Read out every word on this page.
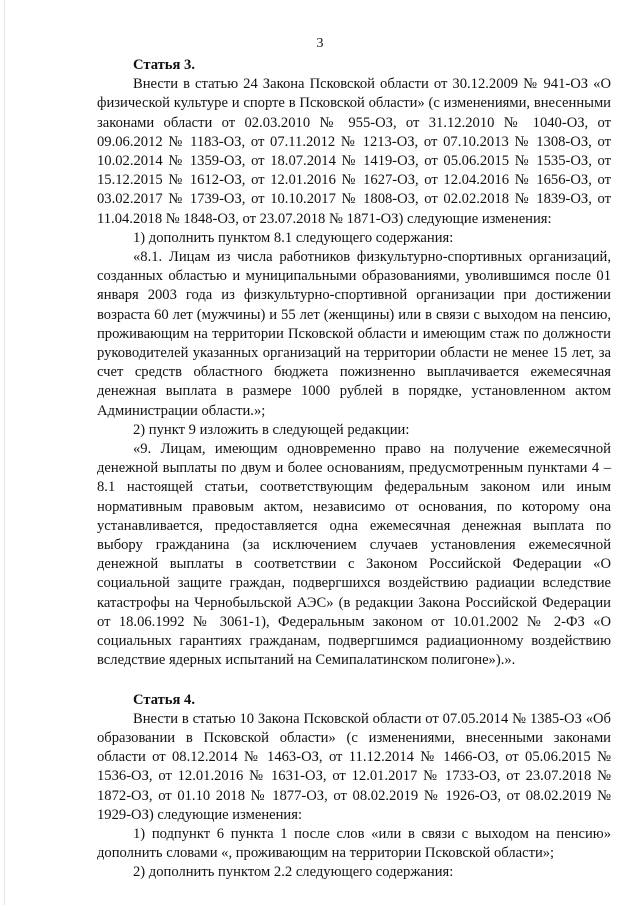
3

Статья 3.

Внести в статью 24 Закона Псковской области от 30.12.2009 № 941-ОЗ «О физической культуре и спорте в Псковской области» (с изменениями, внесенными законами области от 02.03.2010 № 955-ОЗ, от 31.12.2010 № 1040-ОЗ, от 09.06.2012 № 1183-ОЗ, от 07.11.2012 № 1213-ОЗ, от 07.10.2013 № 1308-ОЗ, от 10.02.2014 № 1359-ОЗ, от 18.07.2014 № 1419-ОЗ, от 05.06.2015 № 1535-ОЗ, от 15.12.2015 № 1612-ОЗ, от 12.01.2016 № 1627-ОЗ, от 12.04.2016 № 1656-ОЗ, от 03.02.2017 № 1739-ОЗ, от 10.10.2017 № 1808-ОЗ, от 02.02.2018 № 1839-ОЗ, от 11.04.2018 № 1848-ОЗ, от 23.07.2018 № 1871-ОЗ) следующие изменения:

1) дополнить пунктом 8.1 следующего содержания:

«8.1. Лицам из числа работников физкультурно-спортивных организаций, созданных областью и муниципальными образованиями, уволившимся после 01 января 2003 года из физкультурно-спортивной организации при достижении возраста 60 лет (мужчины) и 55 лет (женщины) или в связи с выходом на пенсию, проживающим на территории Псковской области и имеющим стаж по должности руководителей указанных организаций на территории области не менее 15 лет, за счет средств областного бюджета пожизненно выплачивается ежемесячная денежная выплата в размере 1000 рублей в порядке, установленном актом Администрации области.»;

2) пункт 9 изложить в следующей редакции:

«9. Лицам, имеющим одновременно право на получение ежемесячной денежной выплаты по двум и более основаниям, предусмотренным пунктами 4 – 8.1 настоящей статьи, соответствующим федеральным законом или иным нормативным правовым актом, независимо от основания, по которому она устанавливается, предоставляется одна ежемесячная денежная выплата по выбору гражданина (за исключением случаев установления ежемесячной денежной выплаты в соответствии с Законом Российской Федерации «О социальной защите граждан, подвергшихся воздействию радиации вследствие катастрофы на Чернобыльской АЭС» (в редакции Закона Российской Федерации от 18.06.1992 № 3061-1), Федеральным законом от 10.01.2002 № 2-ФЗ «О социальных гарантиях гражданам, подвергшимся радиационному воздействию вследствие ядерных испытаний на Семипалатинском полигоне»).».

Статья 4.

Внести в статью 10 Закона Псковской области от 07.05.2014 № 1385-ОЗ «Об образовании в Псковской области» (с изменениями, внесенными законами области от 08.12.2014 № 1463-ОЗ, от 11.12.2014 № 1466-ОЗ, от 05.06.2015 № 1536-ОЗ, от 12.01.2016 № 1631-ОЗ, от 12.01.2017 № 1733-ОЗ, от 23.07.2018 № 1872-ОЗ, от 01.10 2018 № 1877-ОЗ, от 08.02.2019 № 1926-ОЗ, от 08.02.2019 № 1929-ОЗ) следующие изменения:

1) подпункт 6 пункта 1 после слов «или в связи с выходом на пенсию» дополнить словами «, проживающим на территории Псковской области»;

2) дополнить пунктом 2.2 следующего содержания:
